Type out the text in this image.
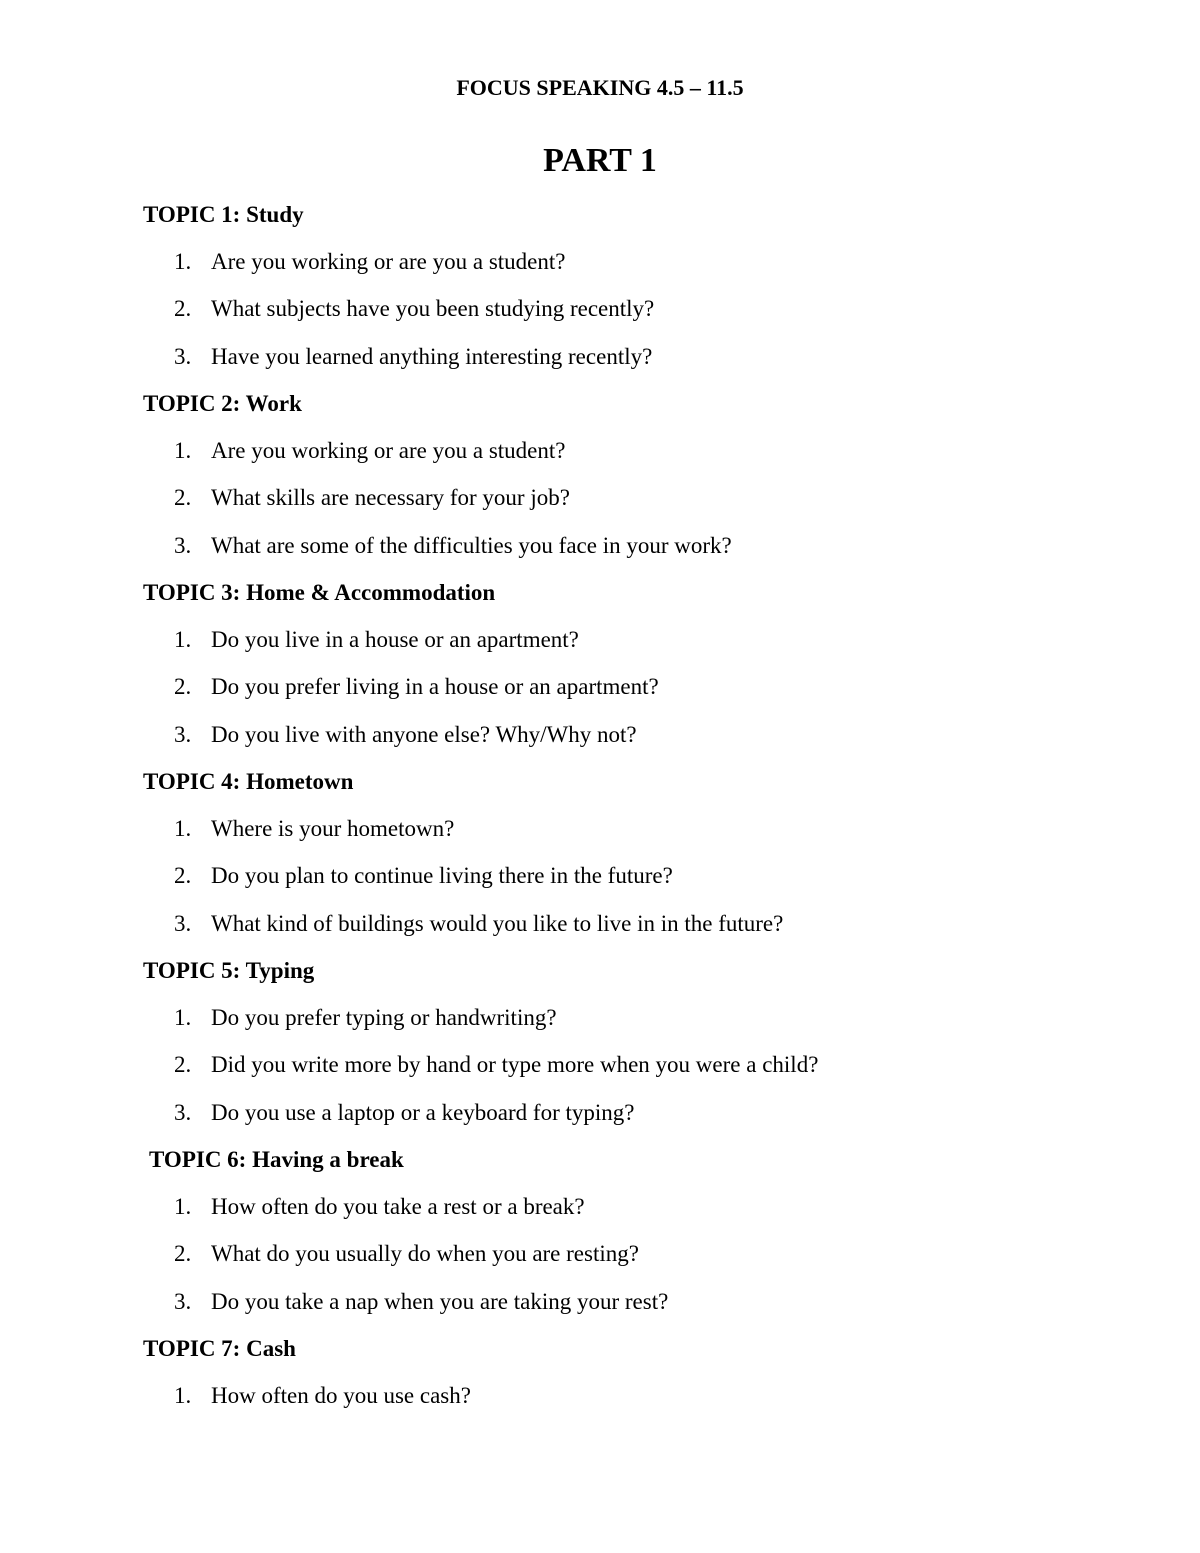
FOCUS SPEAKING 4.5 – 11.5
PART 1
TOPIC 1: Study
1. Are you working or are you a student?
2. What subjects have you been studying recently?
3. Have you learned anything interesting recently?
TOPIC 2: Work
1. Are you working or are you a student?
2. What skills are necessary for your job?
3. What are some of the difficulties you face in your work?
TOPIC 3: Home & Accommodation
1. Do you live in a house or an apartment?
2. Do you prefer living in a house or an apartment?
3. Do you live with anyone else? Why/Why not?
TOPIC 4: Hometown
1. Where is your hometown?
2. Do you plan to continue living there in the future?
3. What kind of buildings would you like to live in in the future?
TOPIC 5: Typing
1. Do you prefer typing or handwriting?
2. Did you write more by hand or type more when you were a child?
3. Do you use a laptop or a keyboard for typing?
TOPIC 6: Having a break
1. How often do you take a rest or a break?
2. What do you usually do when you are resting?
3. Do you take a nap when you are taking your rest?
TOPIC 7: Cash
1. How often do you use cash?
